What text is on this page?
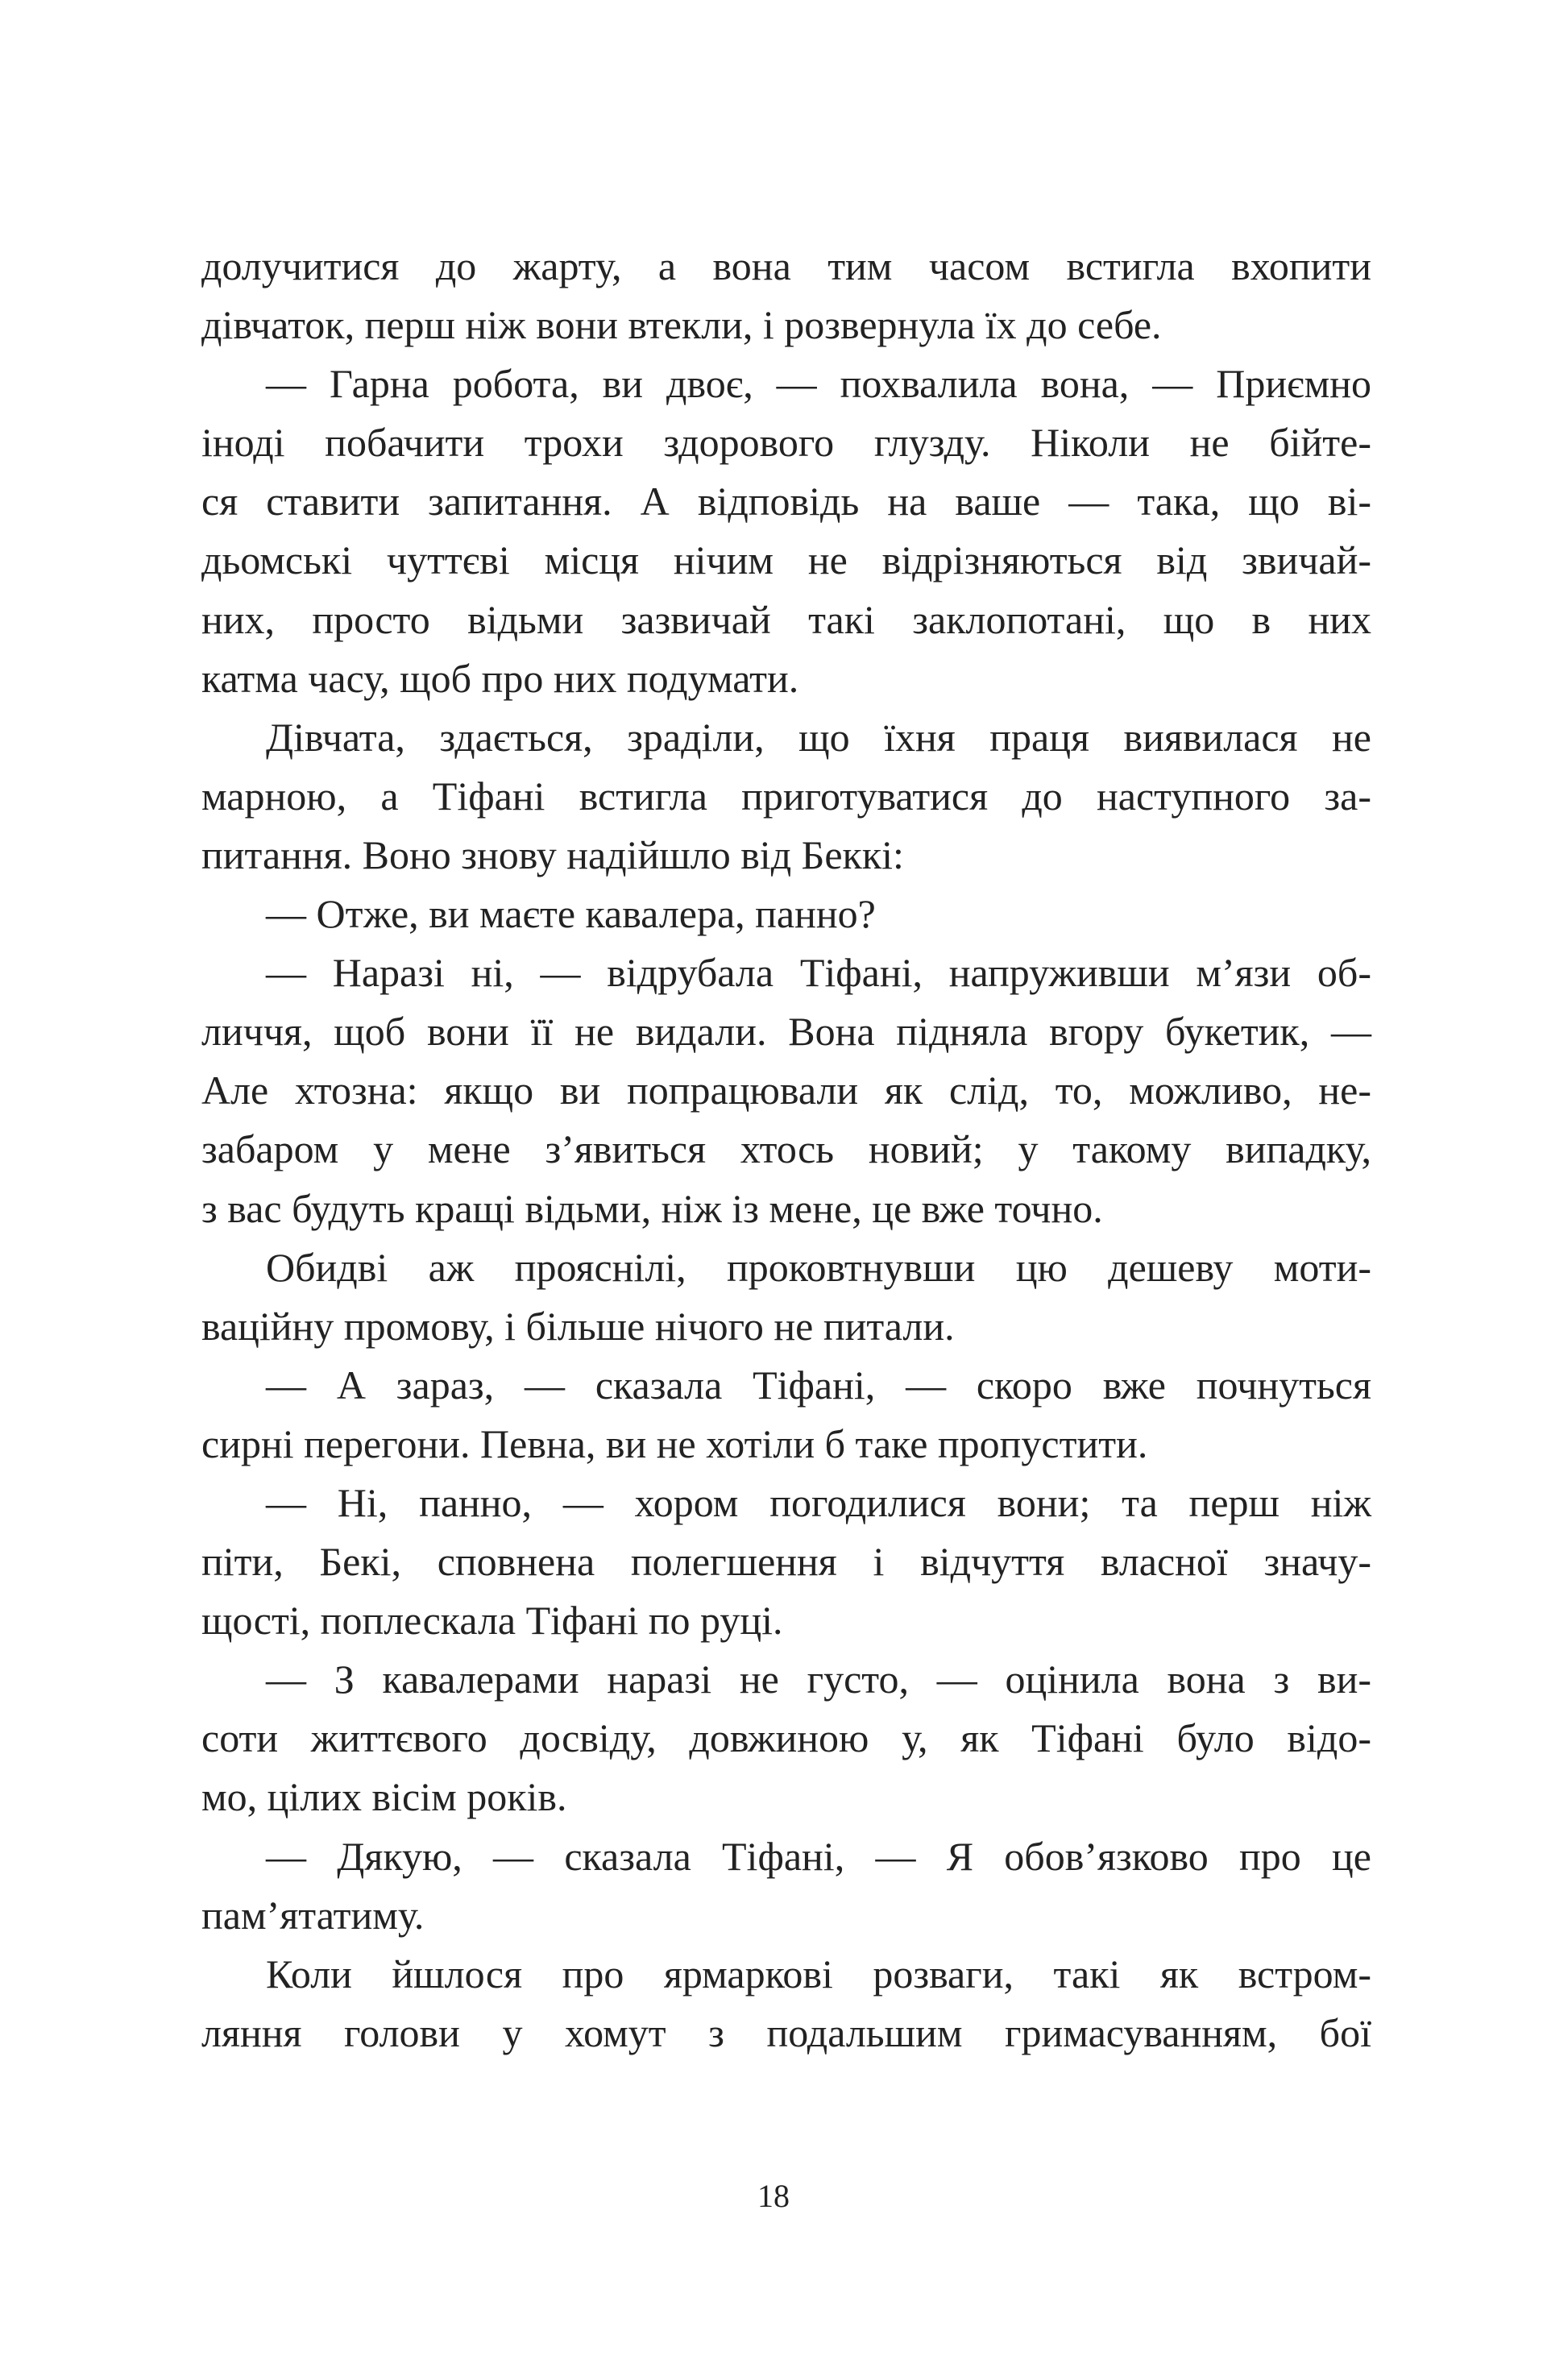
долучитися до жарту, а вона тим часом встигла вхопити
дівчаток, перш ніж вони втекли, і розвернула їх до себе.
— Гарна робота, ви двоє, — похвалила вона, — Приємно
іноді побачити трохи здорового глузду. Ніколи не бійте-
ся ставити запитання. А відповідь на ваше — така, що ві-
дьомські чуттєві місця нічим не відрізняються від звичай-
них, просто відьми зазвичай такі заклопотані, що в них
катма часу, щоб про них подумати.
Дівчата, здається, зраділи, що їхня праця виявилася не
марною, а Тіфані встигла приготуватися до наступного за-
питання. Воно знову надійшло від Беккі:
— Отже, ви маєте кавалера, панно?
— Наразі ні, — відрубала Тіфані, напруживши м’язи об-
личчя, щоб вони її не видали. Вона підняла вгору букетик, —
Але хтозна: якщо ви попрацювали як слід, то, можливо, не-
забаром у мене з’явиться хтось новий; у такому випадку,
з вас будуть кращі відьми, ніж із мене, це вже точно.
Обидві аж прояснілі, проковтнувши цю дешеву моти-
ваційну промову, і більше нічого не питали.
— А зараз, — сказала Тіфані, — скоро вже почнуться
сирні перегони. Певна, ви не хотіли б таке пропустити.
— Ні, панно, — хором погодилися вони; та перш ніж
піти, Бекі, сповнена полегшення і відчуття власної значу-
щості, поплескала Тіфані по руці.
— З кавалерами наразі не густо, — оцінила вона з ви-
соти життєвого досвіду, довжиною у, як Тіфані було відо-
мо, цілих вісім років.
— Дякую, — сказала Тіфані, — Я обов’язково про це
пам’ятатиму.
Коли йшлося про ярмаркові розваги, такі як встром-
ляння голови у хомут з подальшим гримасуванням, бої
18
